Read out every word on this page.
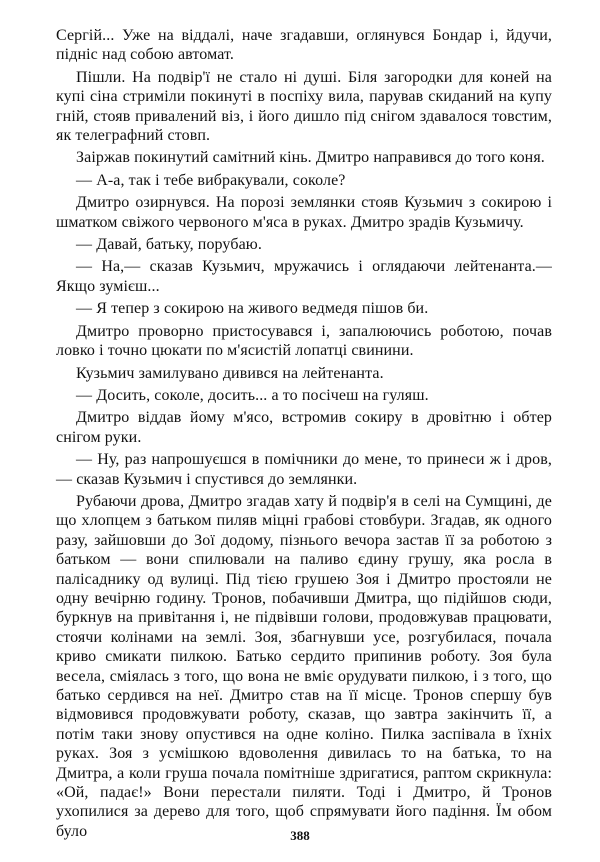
Сергій... Уже на віддалі, наче згадавши, оглянувся Бондар і, йдучи, підніс над собою автомат.

Пішли. На подвір'ї не стало ні душі. Біля загородки для коней на купі сіна стриміли покинуті в поспіху вила, парував скиданий на купу гній, стояв привалений віз, і його дишло під снігом здавалося товстим, як телеграфний стовп.

Заіржав покинутий самітний кінь. Дмитро направився до того коня.

— А-а, так і тебе вибракували, соколе?

Дмитро озирнувся. На порозі землянки стояв Кузьмич з сокирою і шматком свіжого червоного м'яса в руках. Дмитро зрадів Кузьмичу.

— Давай, батьку, порубаю.

— На,— сказав Кузьмич, мружачись і оглядаючи лейтенанта.— Якщо зумієш...

— Я тепер з сокирою на живого ведмедя пішов би.

Дмитро проворно пристосувався і, запалюючись роботою, почав ловко і точно цюкати по м'ясистій лопатці свинини.

Кузьмич замилувано дивився на лейтенанта.

— Досить, соколе, досить... а то посічеш на гуляш.

Дмитро віддав йому м'ясо, встромив сокиру в дровітню і обтер снігом руки.

— Ну, раз напрошуєшся в помічники до мене, то принеси ж і дров,— сказав Кузьмич і спустився до землянки.

Рубаючи дрова, Дмитро згадав хату й подвір'я в селі на Сумщині, де що хлопцем з батьком пиляв міцні грабові стовбури. Згадав, як одного разу, зайшовши до Зої додому, пізнього вечора застав її за роботою з батьком — вони спилювали на паливо єдину грушу, яка росла в палісаднику од вулиці. Під тією грушею Зоя і Дмитро простояли не одну вечірню годину. Тронов, побачивши Дмитра, що підійшов сюди, буркнув на привітання і, не підвівши голови, продовжував працювати, стоячи колінами на землі. Зоя, збагнувши усе, розгубилася, почала криво смикати пилкою. Батько сердито припинив роботу. Зоя була весела, сміялась з того, що вона не вміє орудувати пилкою, і з того, що батько сердився на неї. Дмитро став на її місце. Тронов спершу був відмовився продовжувати роботу, сказав, що завтра закінчить її, а потім таки знову опустився на одне коліно. Пилка заспівала в їхніх руках. Зоя з усмішкою вдоволення дивилась то на батька, то на Дмитра, а коли груша почала помітніше здригатися, раптом скрикнула: «Ой, падає!» Вони перестали пиляти. Тоді і Дмитро, й Тронов ухопилися за дерево для того, щоб спрямувати його падіння. Їм обом було	388
